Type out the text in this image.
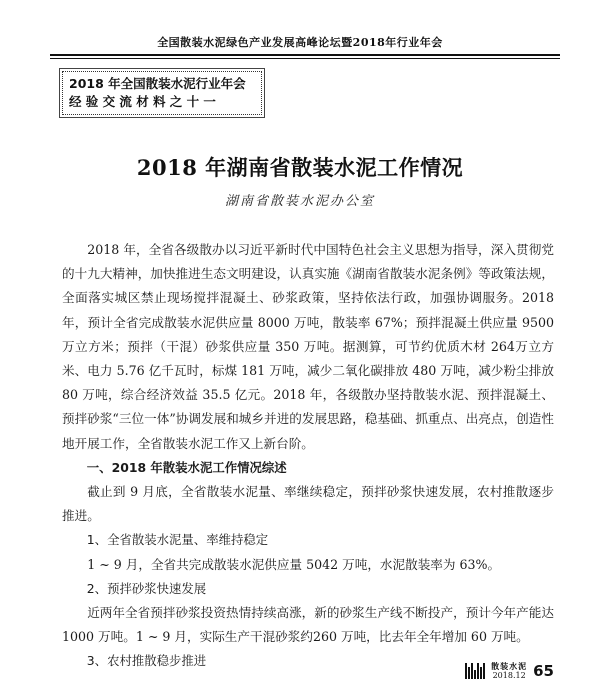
全国散装水泥绿色产业发展高峰论坛暨2018年行业年会
2018 年全国散装水泥行业年会
经验交流材料之十一
2018 年湖南省散装水泥工作情况
湖南省散装水泥办公室

2018 年，全省各级散办以习近平新时代中国特色社会主义思想为指导，深入贯彻党的十九大精神，加快推进生态文明建设，认真实施《湖南省散装水泥条例》等政策法规，全面落实城区禁止现场搅拌混凝土、砂浆政策，坚持依法行政，加强协调服务。2018 年，预计全省完成散装水泥供应量 8000 万吨，散装率 67%；预拌混凝土供应量 9500万立方米；预拌（干混）砂浆供应量 350 万吨。据测算，可节约优质木材 264万立方米、电力 5.76 亿千瓦时，标煤 181 万吨，减少二氧化碳排放 480 万吨，减少粉尘排放 80 万吨，综合经济效益 35.5 亿元。2018 年，各级散办坚持散装水泥、预拌混凝土、预拌砂浆“三位一体”协调发展和城乡并进的发展思路，稳基础、抓重点、出亮点，创造性地开展工作，全省散装水泥工作又上新台阶。

一、2018 年散装水泥工作情况综述

截止到 9 月底，全省散装水泥量、率继续稳定，预拌砂浆快速发展，农村推散逐步推进。

1、全省散装水泥量、率维持稳定

1 ~ 9 月，全省共完成散装水泥供应量 5042 万吨，水泥散装率为 63%。

2、预拌砂浆快速发展

近两年全省预拌砂浆投资热情持续高涨，新的砂浆生产线不断投产，预计今年产能达1000 万吨。1 ~ 9 月，实际生产干混砂浆约260 万吨，比去年全年增加 60 万吨。

3、农村推散稳步推进	散装水泥
2018.12 65
